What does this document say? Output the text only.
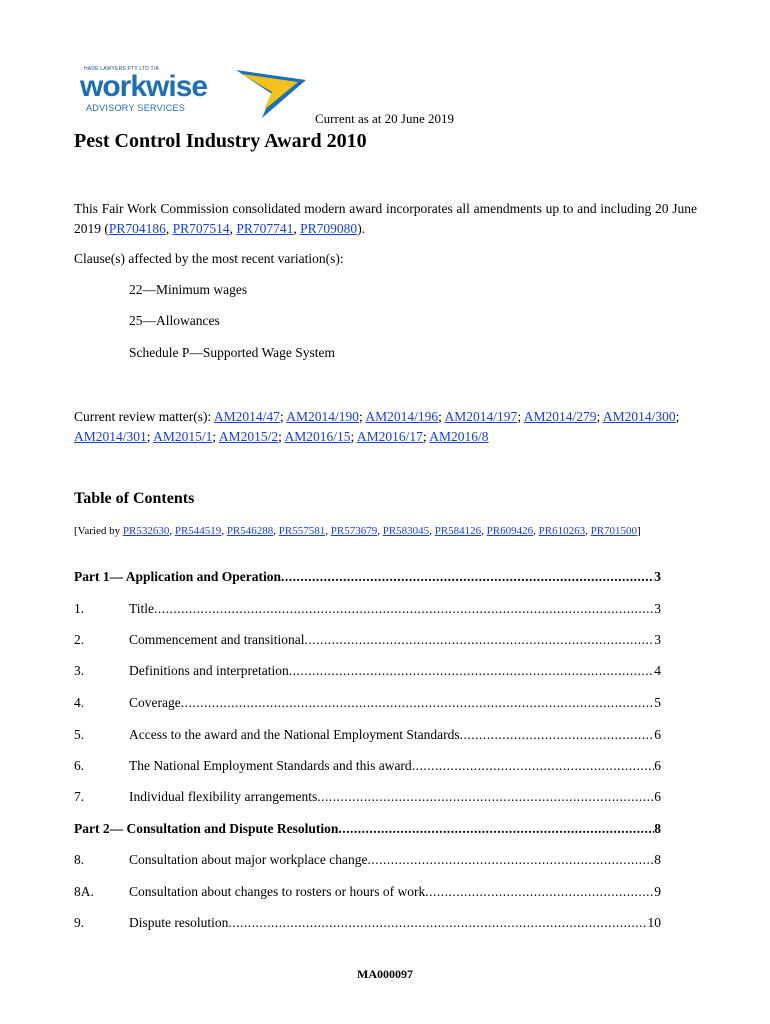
HADE LAWYERS PTY LTD T/A
workwise
ADVISORY SERVICES
Current as at 20 June 2019
Pest Control Industry Award 2010

This Fair Work Commission consolidated modern award incorporates all amendments up to and including 20 June 2019 (PR704186, PR707514, PR707741, PR709080).

Clause(s) affected by the most recent variation(s):
22—Minimum wages
25—Allowances
Schedule P—Supported Wage System

Current review matter(s): AM2014/47; AM2014/190; AM2014/196; AM2014/197; AM2014/279; AM2014/300; AM2014/301; AM2015/1; AM2015/2; AM2016/15; AM2016/17; AM2016/8

Table of Contents

[Varied by PR532630, PR544519, PR546288, PR557581, PR573679, PR583045, PR584126, PR609426, PR610263, PR701500]

Part 1— Application and Operation .....	3
1.	Title .....	3
2.	Commencement and transitional .....	3
3.	Definitions and interpretation .....	4
4.	Coverage .....	5
5.	Access to the award and the National Employment Standards .....	6
6.	The National Employment Standards and this award .....	6
7.	Individual flexibility arrangements .....	6
Part 2— Consultation and Dispute Resolution .....	8
8.	Consultation about major workplace change .....	8
8A.	Consultation about changes to rosters or hours of work .....	9
9.	Dispute resolution .....	10
MA000097
